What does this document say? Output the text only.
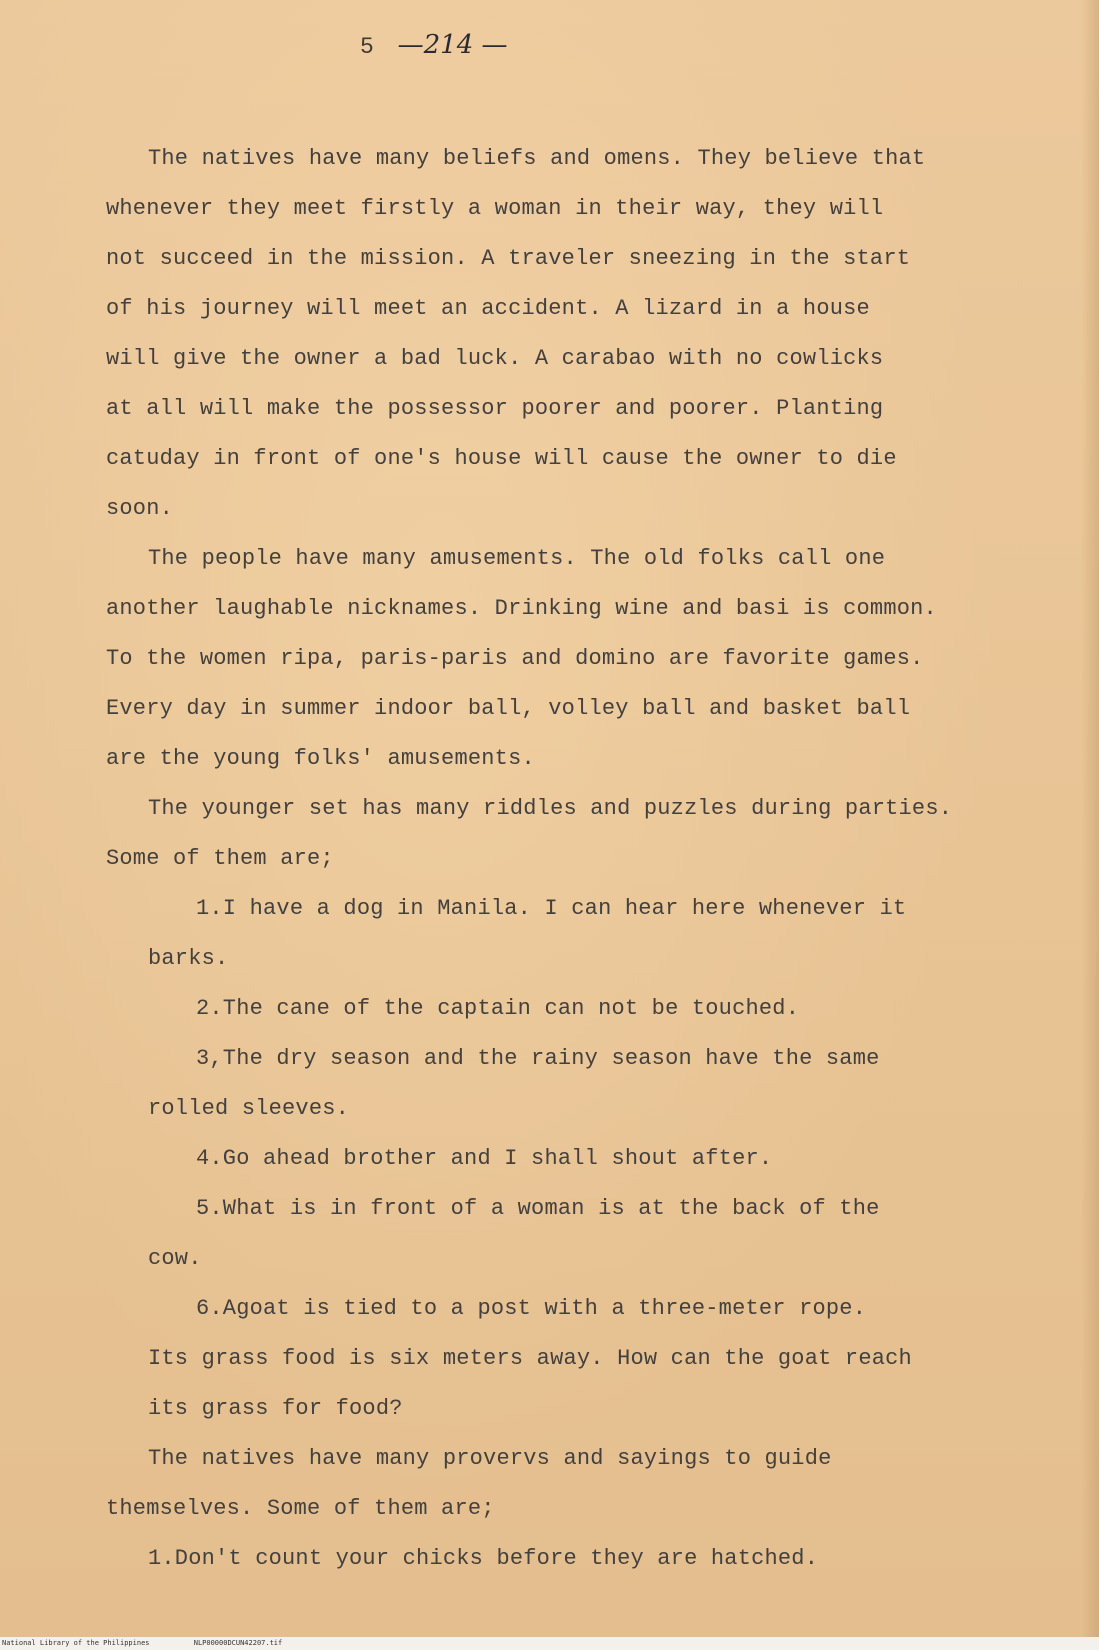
5 —214 —
The natives have many beliefs and omens. They believe that
whenever they meet firstly a woman in their way, they will
not succeed in the mission. A traveler sneezing in the start
of his journey will meet an accident. A lizard in a house
will give the owner a bad luck. A carabao with no cowlicks
at all will make the possessor poorer and poorer. Planting
catuday in front of one's house will cause the owner to die
soon.
The people have many amusements. The old folks call one
another laughable nicknames. Drinking wine and basi is common.
To the women ripa, paris-paris and domino are favorite games.
Every day in summer indoor ball, volley ball and basket ball
are the young folks' amusements.
The younger set has many riddles and puzzles during parties.
Some of them are;
1.I have a dog in Manila. I can hear here whenever it
barks.
2.The cane of the captain can not be touched.
3,The dry season and the rainy season have the same
rolled sleeves.
4.Go ahead brother and I shall shout after.
5.What is in front of a woman is at the back of the
cow.
6.Agoat is tied to a post with a three-meter rope.
Its grass food is six meters away. How can the goat reach
its grass for food?
The natives have many provervs and sayings to guide
themselves. Some of them are;
1.Don't count your chicks before they are hatched.
National Library of the Philippines	NLP00000DCUN42207.tif
